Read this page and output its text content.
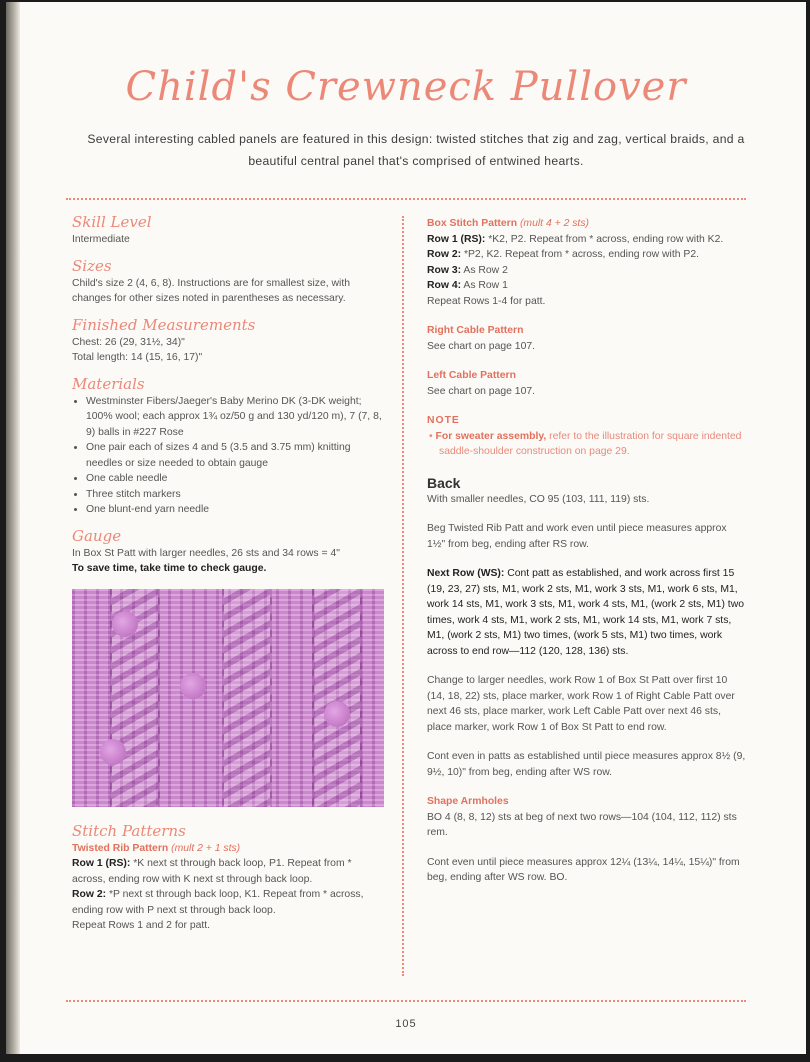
Child's Crewneck Pullover
Several interesting cabled panels are featured in this design: twisted stitches that zig and zag, vertical braids, and a beautiful central panel that's comprised of entwined hearts.
Skill Level
Intermediate
Sizes
Child's size 2 (4, 6, 8). Instructions are for smallest size, with changes for other sizes noted in parentheses as necessary.
Finished Measurements
Chest: 26 (29, 31½, 34)"
Total length: 14 (15, 16, 17)"
Materials
• Westminster Fibers/Jaeger's Baby Merino DK (3-DK weight; 100% wool; each approx 1¾ oz/50 g and 130 yd/120 m), 7 (7, 8, 9) balls in #227 Rose
• One pair each of sizes 4 and 5 (3.5 and 3.75 mm) knitting needles or size needed to obtain gauge
• One cable needle
• Three stitch markers
• One blunt-end yarn needle
Gauge
In Box St Patt with larger needles, 26 sts and 34 rows = 4"
To save time, take time to check gauge.
Stitch Patterns
Twisted Rib Pattern (mult 2 + 1 sts)
Row 1 (RS): *K next st through back loop, P1. Repeat from * across, ending row with K next st through back loop.
Row 2: *P next st through back loop, K1. Repeat from * across, ending row with P next st through back loop.
Repeat Rows 1 and 2 for patt.
Box Stitch Pattern (mult 4 + 2 sts)
Row 1 (RS): *K2, P2. Repeat from * across, ending row with K2.
Row 2: *P2, K2. Repeat from * across, ending row with P2.
Row 3: As Row 2
Row 4: As Row 1
Repeat Rows 1-4 for patt.
Right Cable Pattern
See chart on page 107.
Left Cable Pattern
See chart on page 107.
NOTE
• For sweater assembly, refer to the illustration for square indented saddle-shoulder construction on page 29.
Back
With smaller needles, CO 95 (103, 111, 119) sts.
Beg Twisted Rib Patt and work even until piece measures approx 1½" from beg, ending after RS row.
Next Row (WS): Cont patt as established, and work across first 15 (19, 23, 27) sts, M1, work 2 sts, M1, work 3 sts, M1, work 6 sts, M1, work 14 sts, M1, work 3 sts, M1, work 4 sts, M1, (work 2 sts, M1) two times, work 4 sts, M1, work 2 sts, M1, work 14 sts, M1, work 7 sts, M1, (work 2 sts, M1) two times, (work 5 sts, M1) two times, work across to end row—112 (120, 128, 136) sts.
Change to larger needles, work Row 1 of Box St Patt over first 10 (14, 18, 22) sts, place marker, work Row 1 of Right Cable Patt over next 46 sts, place marker, work Left Cable Patt over next 46 sts, place marker, work Row 1 of Box St Patt to end row.
Cont even in patts as established until piece measures approx 8½ (9, 9½, 10)" from beg, ending after WS row.
Shape Armholes
BO 4 (8, 8, 12) sts at beg of next two rows—104 (104, 112, 112) sts rem.
Cont even until piece measures approx 12¼ (13¼, 14¼, 15¼)" from beg, ending after WS row. BO.
105
